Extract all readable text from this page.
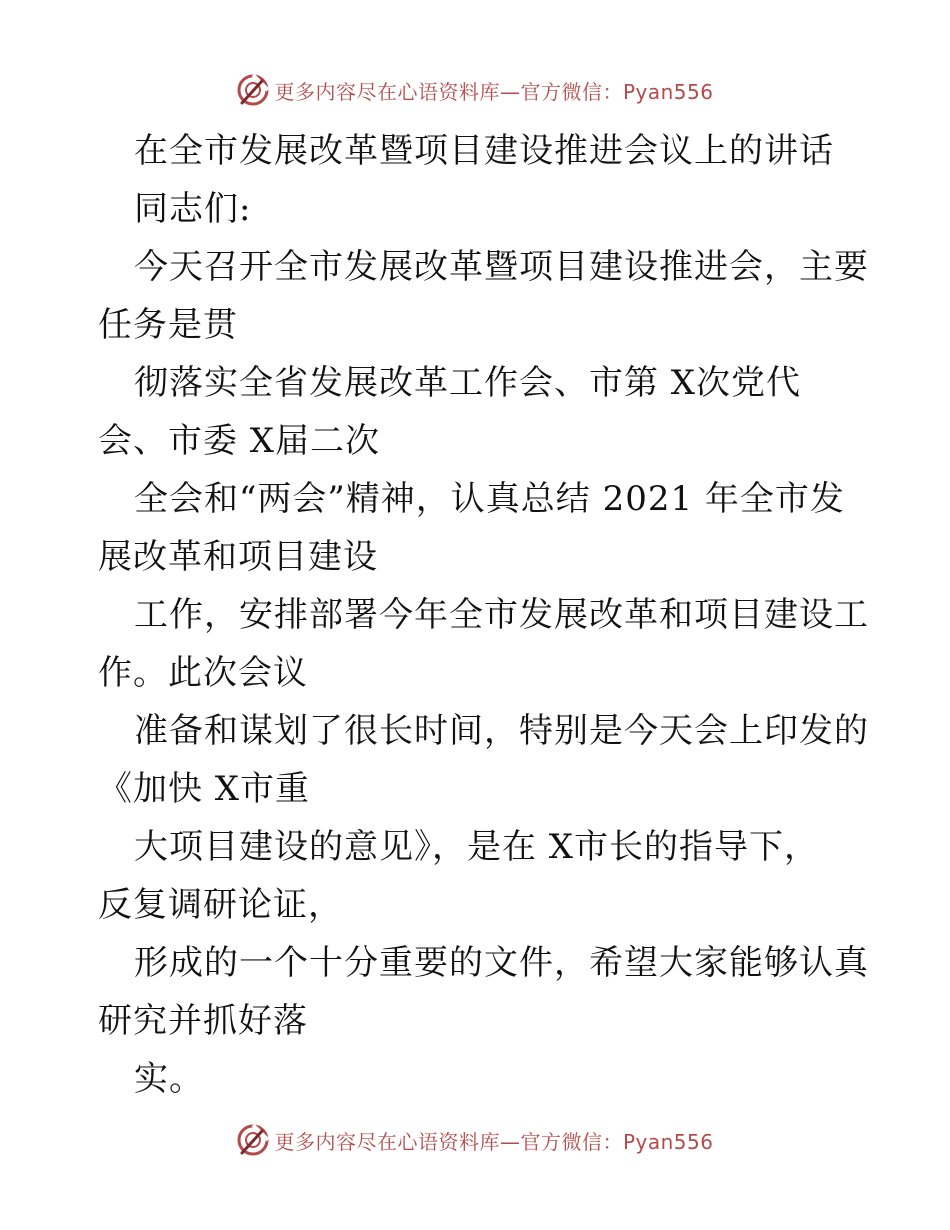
更多内容尽在心语资料库—官方微信：Pyan556
在全市发展改革暨项目建设推进会议上的讲话
同志们:
今天召开全市发展改革暨项目建设推进会，主要
任务是贯
彻落实全省发展改革工作会、市第 X次党代
会、市委 X届二次
全会和“两会”精神，认真总结 2021 年全市发
展改革和项目建设
工作，安排部署今年全市发展改革和项目建设工
作。此次会议
准备和谋划了很长时间，特别是今天会上印发的
《加快 X市重
大项目建设的意见》，是在 X市长的指导下，
反复调研论证，
形成的一个十分重要的文件，希望大家能够认真
研究并抓好落
实。
更多内容尽在心语资料库—官方微信：Pyan556
